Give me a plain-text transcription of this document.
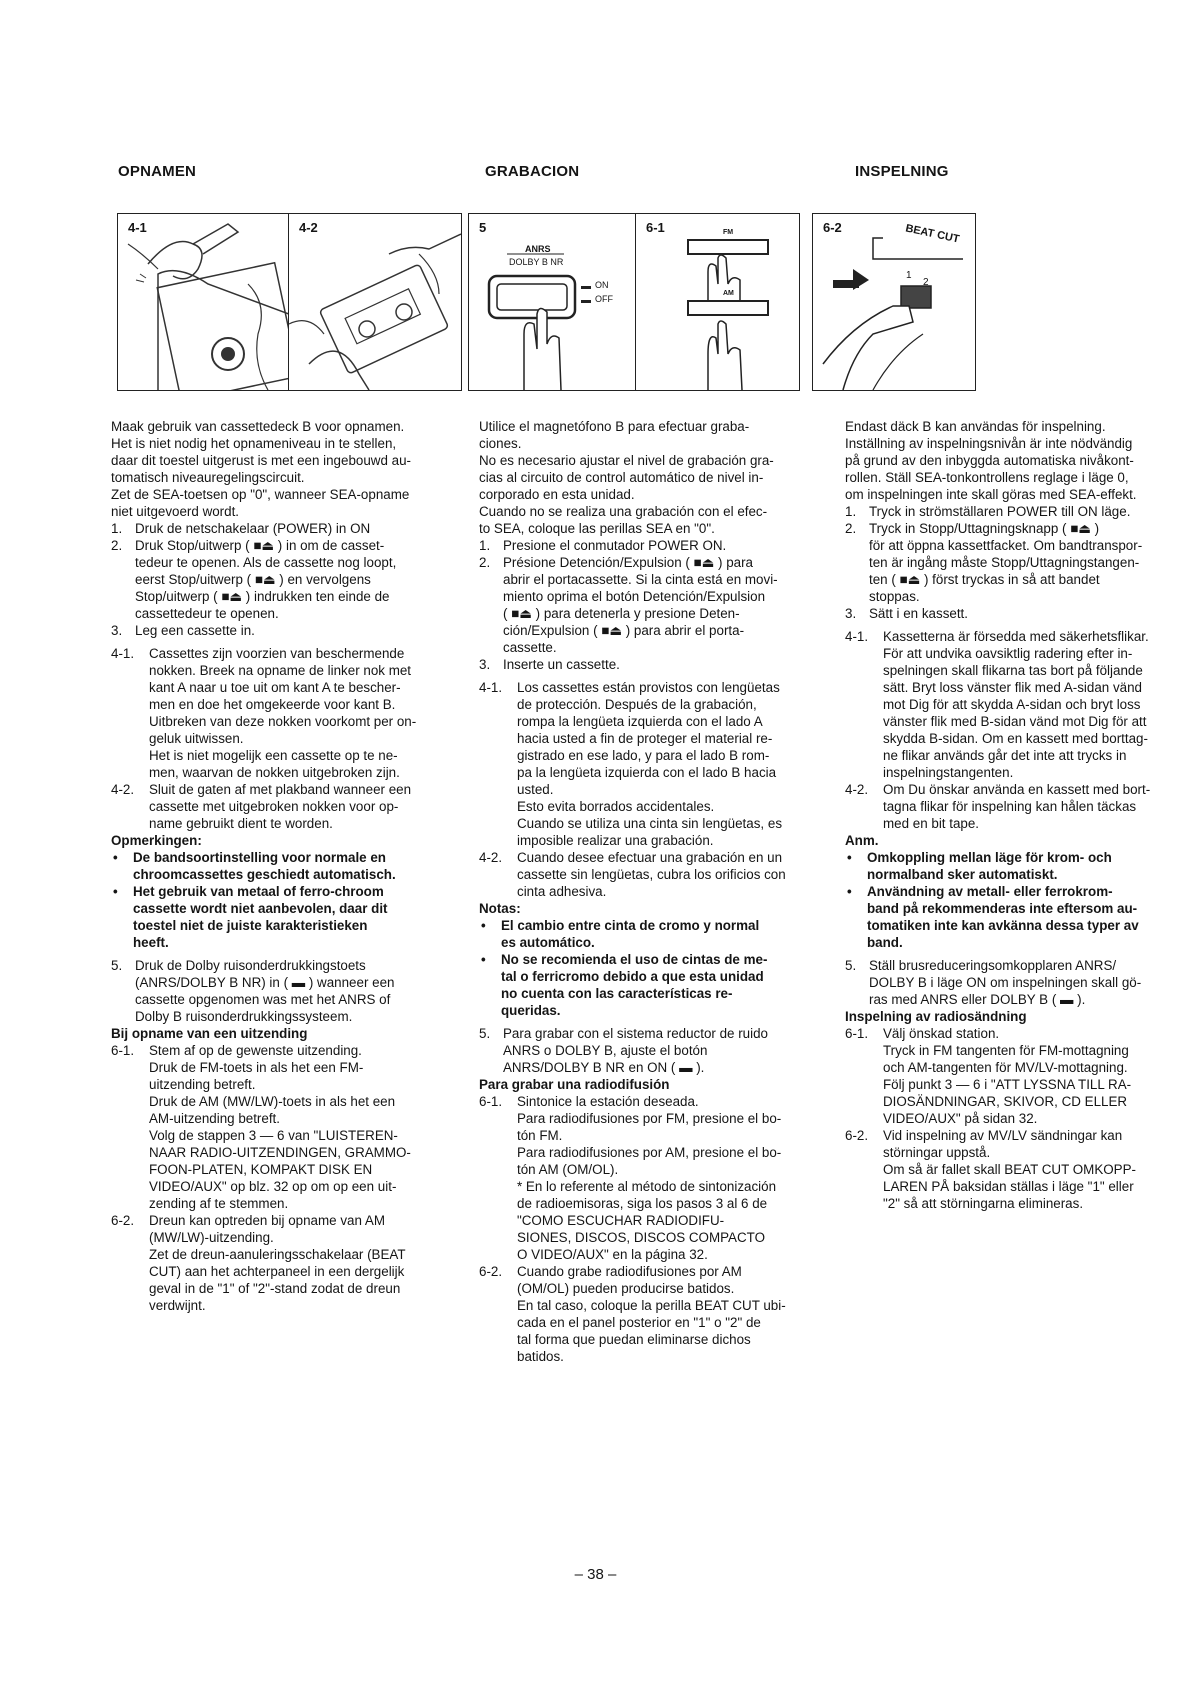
OPNAMEN	GRABACION	INSPELNING
4-1	4-2	5
ANRS
DOLBY B NR
ON
OFF
6-1	FM
AM
6-2	BEAT CUT
1
2
Maak gebruik van cassettedeck B voor opnamen.
Het is niet nodig het opnameniveau in te stellen,
daar dit toestel uitgerust is met een ingebouwd au-
tomatisch niveauregelingscircuit.
Zet de SEA-toetsen op "0", wanneer SEA-opname
niet uitgevoerd wordt.
1. Druk de netschakelaar (POWER) in ON
2. Druk Stop/uitwerp ( ■⏏ ) in om de casset-
tedeur te openen. Als de cassette nog loopt,
eerst Stop/uitwerp ( ■⏏ ) en vervolgens
Stop/uitwerp ( ■⏏ ) indrukken ten einde de
cassettedeur te openen.
3. Leg een cassette in.
4-1. Cassettes zijn voorzien van beschermende
nokken. Breek na opname de linker nok met
kant A naar u toe uit om kant A te bescher-
men en doe het omgekeerde voor kant B.
Uitbreken van deze nokken voorkomt per on-
geluk uitwissen.
Het is niet mogelijk een cassette op te ne-
men, waarvan de nokken uitgebroken zijn.
4-2. Sluit de gaten af met plakband wanneer een
cassette met uitgebroken nokken voor op-
name gebruikt dient te worden.
Opmerkingen:
• De bandsoortinstelling voor normale en
chroomcassettes geschiedt automatisch.
• Het gebruik van metaal of ferro-chroom
cassette wordt niet aanbevolen, daar dit
toestel niet de juiste karakteristieken
heeft.
5. Druk de Dolby ruisonderdrukkingstoets
(ANRS/DOLBY B NR) in ( ▬ ) wanneer een
cassette opgenomen was met het ANRS of
Dolby B ruisonderdrukkingssysteem.
Bij opname van een uitzending
6-1. Stem af op de gewenste uitzending.
Druk de FM-toets in als het een FM-
uitzending betreft.
Druk de AM (MW/LW)-toets in als het een
AM-uitzending betreft.
Volg de stappen 3 — 6 van "LUISTEREN-
NAAR RADIO-UITZENDINGEN, GRAMMO-
FOON-PLATEN, KOMPAKT DISK EN
VIDEO/AUX" op blz. 32 op om op een uit-
zending af te stemmen.
6-2. Dreun kan optreden bij opname van AM
(MW/LW)-uitzending.
Zet de dreun-aanuleringsschakelaar (BEAT
CUT) aan het achterpaneel in een dergelijk
geval in de "1" of "2"-stand zodat de dreun
verdwijnt.
Utilice el magnetófono B para efectuar graba-
ciones.
No es necesario ajustar el nivel de grabación gra-
cias al circuito de control automático de nivel in-
corporado en esta unidad.
Cuando no se realiza una grabación con el efec-
to SEA, coloque las perillas SEA en "0".
1. Presione el conmutador POWER ON.
2. Présione Detención/Expulsion ( ■⏏ ) para
abrir el portacassette. Si la cinta está en movi-
miento oprima el botón Detención/Expulsion
( ■⏏ ) para detenerla y presione Deten-
ción/Expulsion ( ■⏏ ) para abrir el porta-
cassette.
3. Inserte un cassette.
4-1. Los cassettes están provistos con lengüetas
de protección. Después de la grabación,
rompa la lengüeta izquierda con el lado A
hacia usted a fin de proteger el material re-
gistrado en ese lado, y para el lado B rom-
pa la lengüeta izquierda con el lado B hacia
usted.
Esto evita borrados accidentales.
Cuando se utiliza una cinta sin lengüetas, es
imposible realizar una grabación.
4-2. Cuando desee efectuar una grabación en un
cassette sin lengüetas, cubra los orificios con
cinta adhesiva.
Notas:
• El cambio entre cinta de cromo y normal
es automático.
• No se recomienda el uso de cintas de me-
tal o ferricromo debido a que esta unidad
no cuenta con las características re-
queridas.
5. Para grabar con el sistema reductor de ruido
ANRS o DOLBY B, ajuste el botón
ANRS/DOLBY B NR en ON ( ▬ ).
Para grabar una radiodifusión
6-1. Sintonice la estación deseada.
Para radiodifusiones por FM, presione el bo-
tón FM.
Para radiodifusiones por AM, presione el bo-
tón AM (OM/OL).
* En lo referente al método de sintonización
de radioemisoras, siga los pasos 3 al 6 de
"COMO ESCUCHAR RADIODIFU-
SIONES, DISCOS, DISCOS COMPACTO
O VIDEO/AUX" en la página 32.
6-2. Cuando grabe radiodifusiones por AM
(OM/OL) pueden producirse batidos.
En tal caso, coloque la perilla BEAT CUT ubi-
cada en el panel posterior en "1" o "2" de
tal forma que puedan eliminarse dichos
batidos.
Endast däck B kan användas för inspelning.
Inställning av inspelningsnivån är inte nödvändig
på grund av den inbyggda automatiska nivåkont-
rollen. Ställ SEA-tonkontrollens reglage i läge 0,
om inspelningen inte skall göras med SEA-effekt.
1. Tryck in strömställaren POWER till ON läge.
2. Tryck in Stopp/Uttagningsknapp ( ■⏏ )
för att öppna kassettfacket. Om bandtranspor-
ten är ingång måste Stopp/Uttagningstangen-
ten ( ■⏏ ) först tryckas in så att bandet
stoppas.
3. Sätt i en kassett.
4-1. Kassetterna är försedda med säkerhetsflikar.
För att undvika oavsiktlig radering efter in-
spelningen skall flikarna tas bort på följande
sätt. Bryt loss vänster flik med A-sidan vänd
mot Dig för att skydda A-sidan och bryt loss
vänster flik med B-sidan vänd mot Dig för att
skydda B-sidan. Om en kassett med borttag-
ne flikar används går det inte att trycks in
inspelningstangenten.
4-2. Om Du önskar använda en kassett med bort-
tagna flikar för inspelning kan hålen täckas
med en bit tape.
Anm.
• Omkoppling mellan läge för krom- och
normalband sker automatiskt.
• Användning av metall- eller ferrokrom-
band på rekommenderas inte eftersom au-
tomatiken inte kan avkänna dessa typer av
band.
5. Ställ brusreduceringsomkopplaren ANRS/
DOLBY B i läge ON om inspelningen skall gö-
ras med ANRS eller DOLBY B ( ▬ ).
Inspelning av radiosändning
6-1. Välj önskad station.
Tryck in FM tangenten för FM-mottagning
och AM-tangenten för MV/LV-mottagning.
Följ punkt 3 — 6 i "ATT LYSSNA TILL RA-
DIOSÄNDNINGAR, SKIVOR, CD ELLER
VIDEO/AUX" på sidan 32.
6-2. Vid inspelning av MV/LV sändningar kan
störningar uppstå.
Om så är fallet skall BEAT CUT OMKOPP-
LAREN PÅ baksidan ställas i läge "1" eller
"2" så att störningarna elimineras.
– 38 –
